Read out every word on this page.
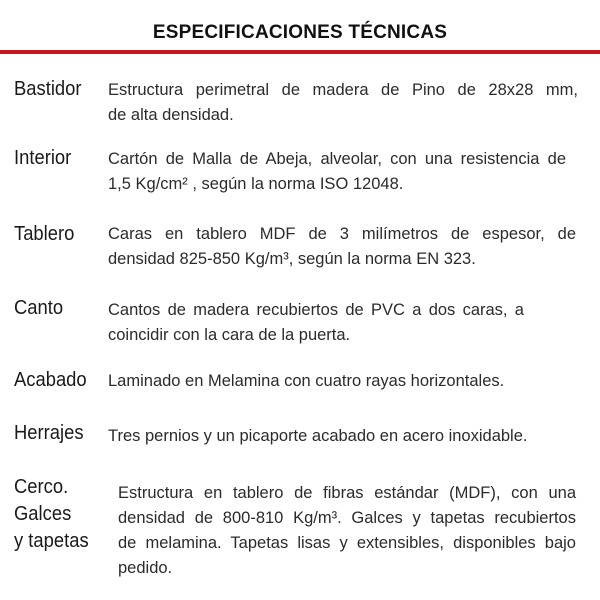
ESPECIFICACIONES TÉCNICAS
Bastidor Estructura perimetral de madera de Pino de 28x28 mm,
de alta densidad.
Interior Cartón de Malla de Abeja, alveolar, con una resistencia de
1,5 Kg/cm² , según la norma ISO 12048.
Tablero Caras en tablero MDF de 3 milímetros de espesor, de
densidad 825-850 Kg/m³, según la norma EN 323.
Canto	Cantos de madera recubiertos de PVC a dos caras, a
coincidir con la cara de la puerta.
Acabado Laminado en Melamina con cuatro rayas horizontales.
Herrajes Tres pernios y un picaporte acabado en acero inoxidable.
Cerco.
Galces
y tapetas
Estructura en tablero de fibras estándar (MDF), con una
densidad de 800-810 Kg/m³. Galces y tapetas recubiertos
de melamina. Tapetas lisas y extensibles, disponibles bajo
pedido.
